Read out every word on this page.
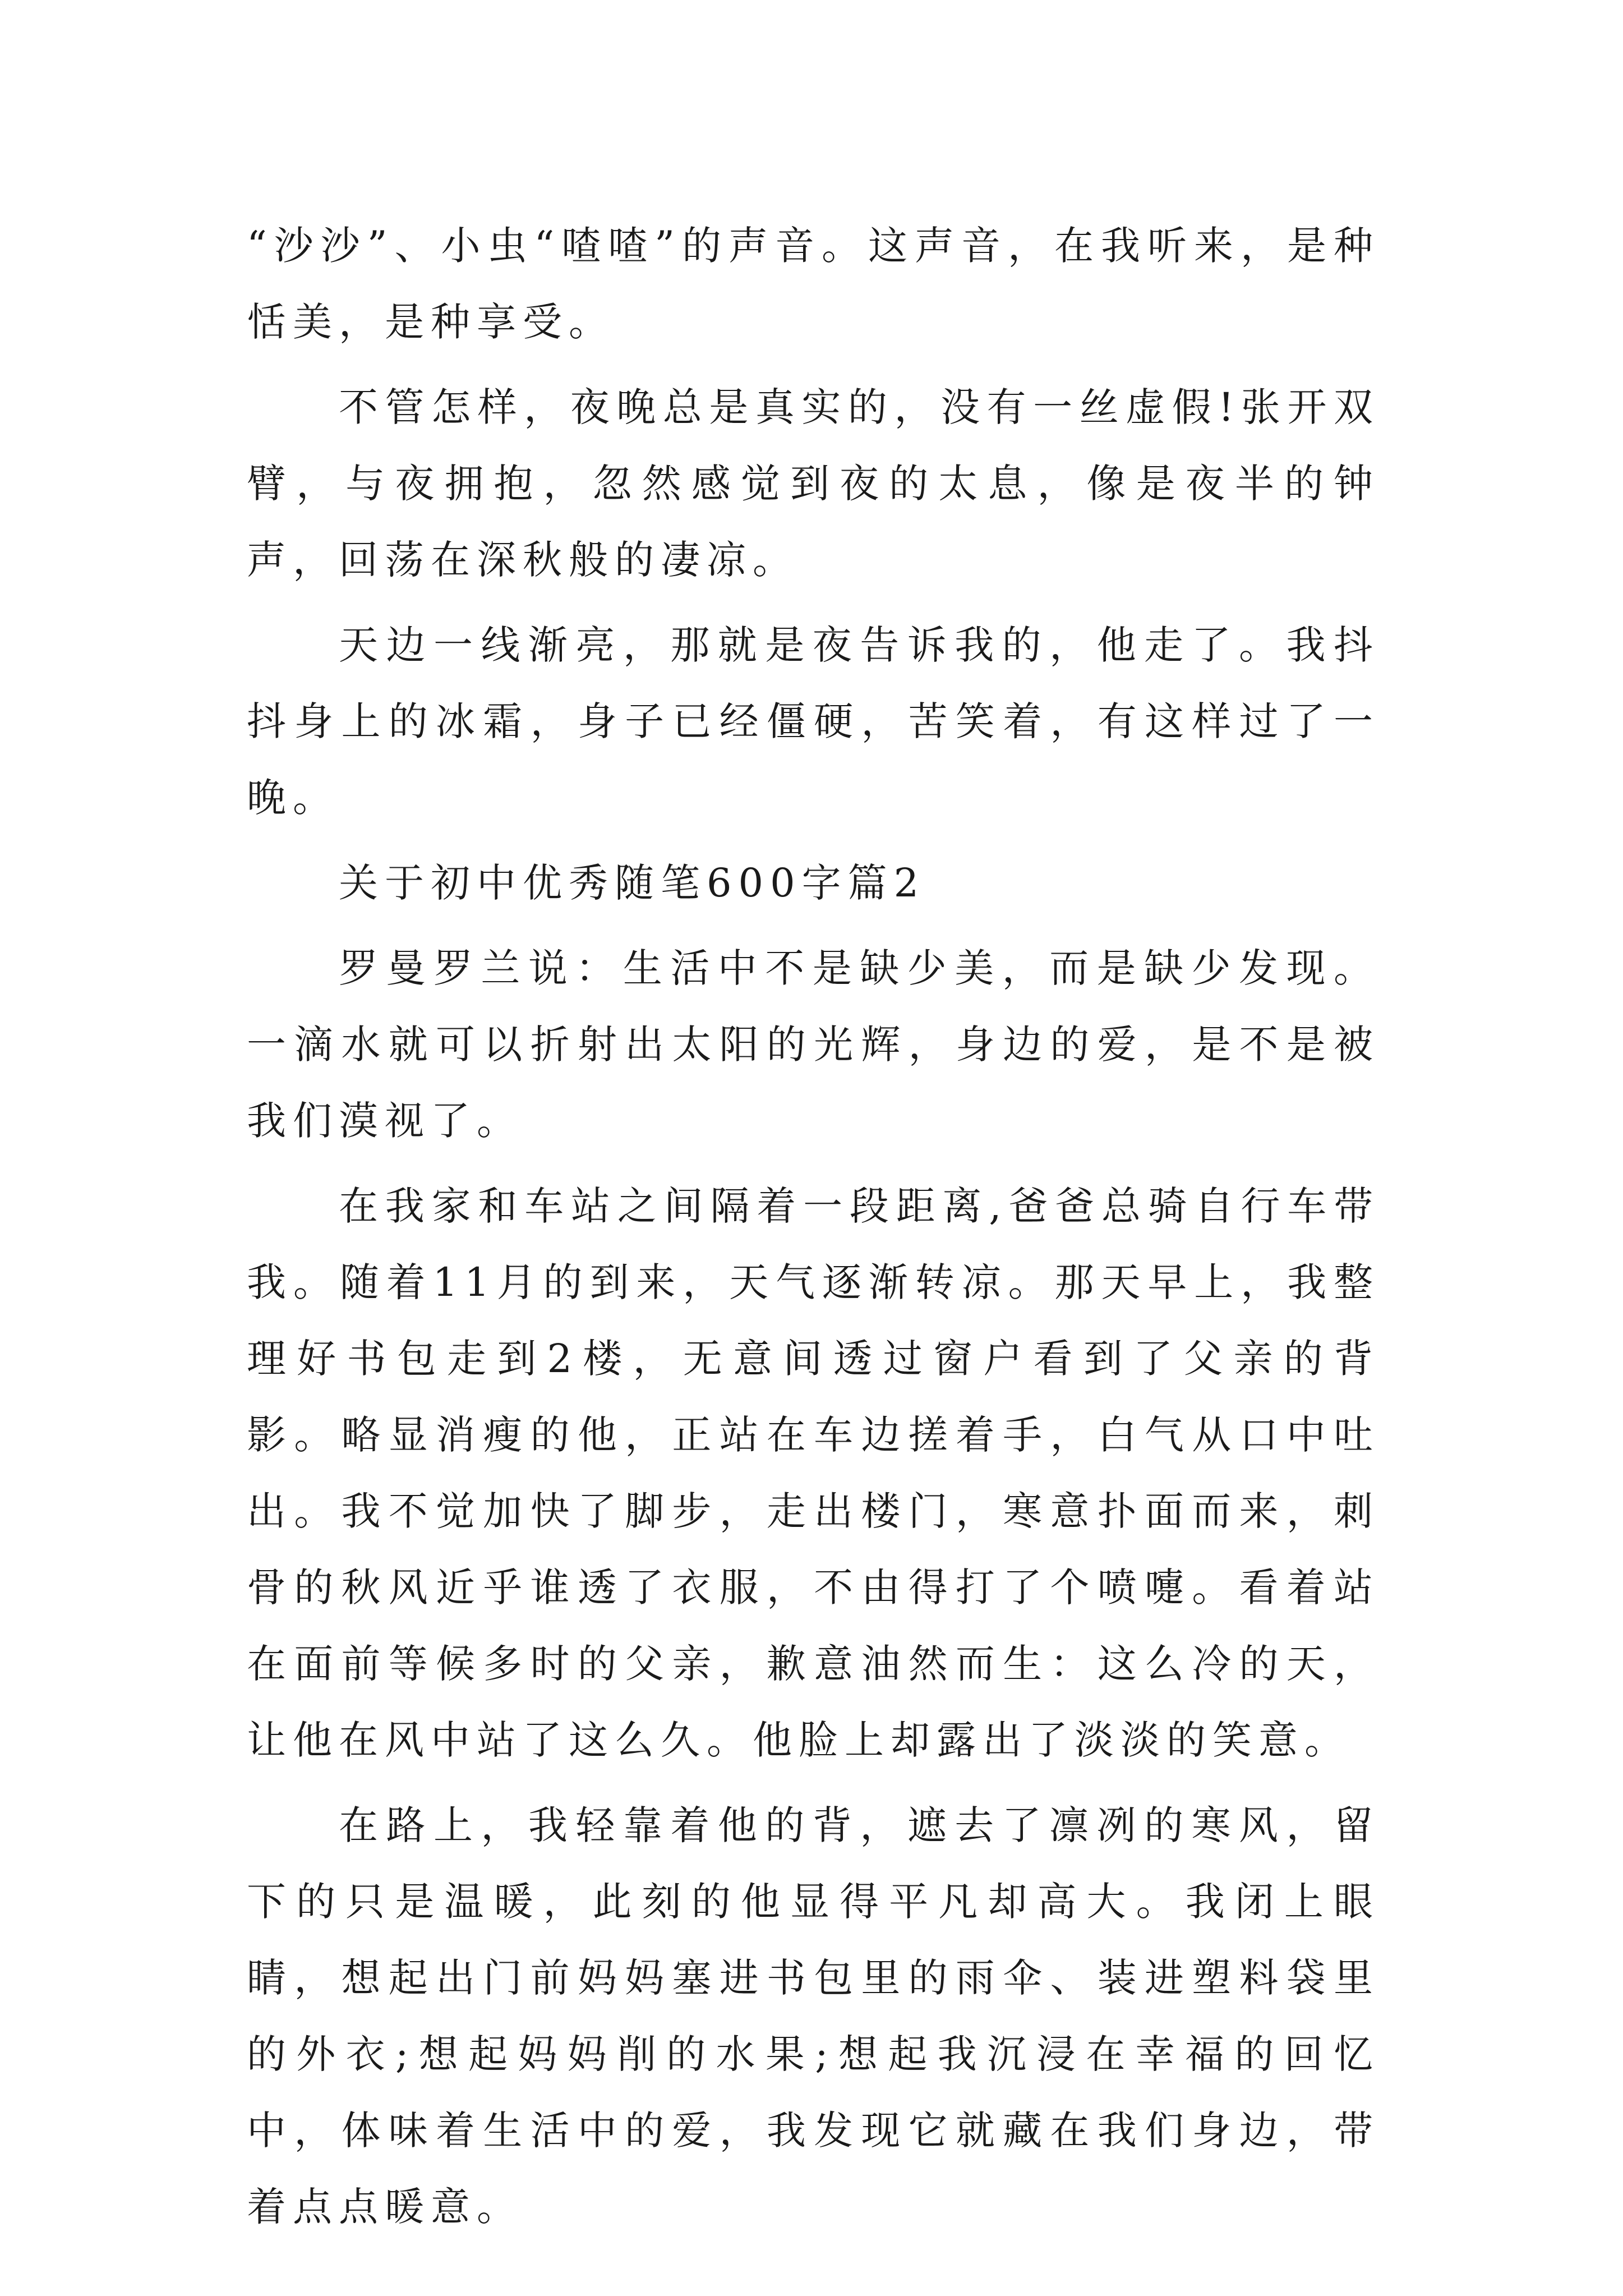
“沙沙”、小虫“喳喳”的声音。这声音，在我听来，是种恬美，是种享受。

不管怎样，夜晚总是真实的，没有一丝虚假!张开双臂，与夜拥抱，忽然感觉到夜的太息，像是夜半的钟声，回荡在深秋般的凄凉。

天边一线渐亮，那就是夜告诉我的，他走了。我抖抖身上的冰霜，身子已经僵硬，苦笑着，有这样过了一晚。

关于初中优秀随笔600字篇2

罗曼罗兰说：生活中不是缺少美，而是缺少发现。一滴水就可以折射出太阳的光辉，身边的爱，是不是被我们漠视了。

在我家和车站之间隔着一段距离,爸爸总骑自行车带我。随着11月的到来，天气逐渐转凉。那天早上，我整理好书包走到2楼，无意间透过窗户看到了父亲的背影。略显消瘦的他，正站在车边搓着手，白气从口中吐出。我不觉加快了脚步，走出楼门，寒意扑面而来，刺骨的秋风近乎谁透了衣服，不由得打了个喷嚏。看着站在面前等候多时的父亲，歉意油然而生：这么冷的天，让他在风中站了这么久。他脸上却露出了淡淡的笑意。

在路上，我轻靠着他的背，遮去了凛冽的寒风，留下的只是温暖，此刻的他显得平凡却高大。我闭上眼睛，想起出门前妈妈塞进书包里的雨伞、装进塑料袋里的外衣;想起妈妈削的水果;想起我沉浸在幸福的回忆中，体味着生活中的爱，我发现它就藏在我们身边，带着点点暖意。
